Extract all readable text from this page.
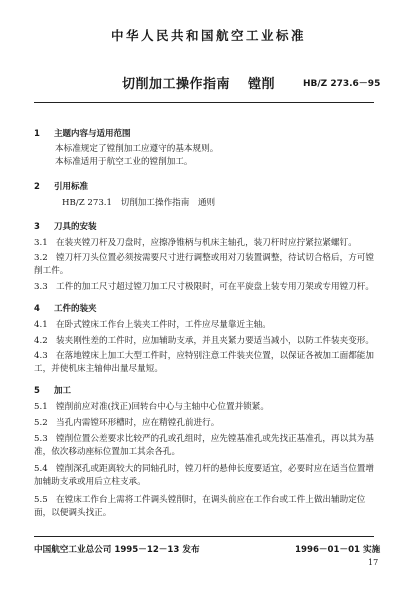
中华人民共和国航空工业标准
切削加工操作指南 镗削	HB/Z 273.6－95
1 主题内容与适用范围
本标准规定了镗削加工应遵守的基本规则。
本标准适用于航空工业的镗削加工。
2 引用标准
HB/Z 273.1　切削加工操作指南　通则
3 刀具的安装
3.1 在装夹镗刀杆及刀盘时，应擦净锥柄与机床主轴孔，装刀杆时应拧紧拉紧螺钉。
3.2 镗刀杆刀头位置必须按需要尺寸进行调整或用对刀装置调整，待试切合格后，方可镗削工件。
3.3 工件的加工尺寸超过镗刀加工尺寸极限时，可在平旋盘上装专用刀架或专用镗刀杆。
4 工件的装夹
4.1 在卧式镗床工作台上装夹工件时，工件应尽量靠近主轴。
4.2 装夹刚性差的工件时，应加辅助支承，并且夹紧力要适当减小，以防工件装夹变形。
4.3 在落地镗床上加工大型工件时，应特别注意工件装夹位置，以保证各被加工面都能加工，并使机床主轴伸出量尽量短。
5 加工
5.1 镗削前应对准(找正)回转台中心与主轴中心位置并锁紧。
5.2 当孔内需镗环形槽时，应在精镗孔前进行。
5.3 镗削位置公差要求比较严的孔或孔组时，应先镗基准孔或先找正基准孔，再以其为基准，依次移动座标位置加工其余各孔。
5.4 镗削深孔或距离较大的同轴孔时，镗刀杆的悬伸长度要适宜，必要时应在适当位置增加辅助支承或用后立柱支承。
5.5 在镗床工作台上需将工件调头镗削时，在调头前应在工作台或工件上做出辅助定位面，以便调头找正。
中国航空工业总公司 1995－12－13 发布	1996－01－01 实施
17
